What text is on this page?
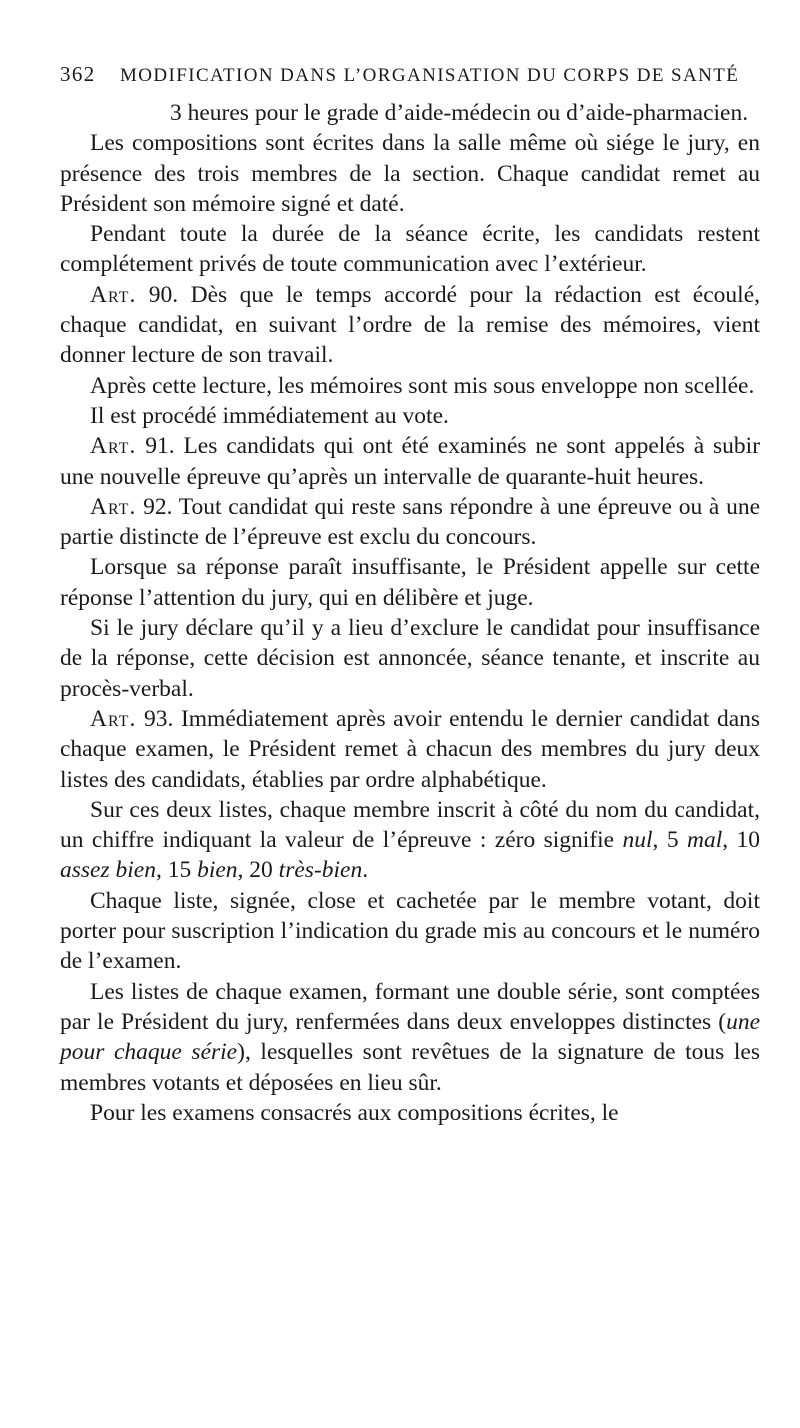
362	MODIFICATION DANS L’ORGANISATION DU CORPS DE SANTÉ

3 heures pour le grade d’aide-médecin ou d’aide-pharmacien.

Les compositions sont écrites dans la salle même où siége le jury, en présence des trois membres de la section. Chaque candidat remet au Président son mémoire signé et daté.

Pendant toute la durée de la séance écrite, les candidats restent complétement privés de toute communication avec l’extérieur.

Art. 90. Dès que le temps accordé pour la rédaction est écoulé, chaque candidat, en suivant l’ordre de la remise des mémoires, vient donner lecture de son travail.

Après cette lecture, les mémoires sont mis sous enveloppe non scellée.

Il est procédé immédiatement au vote.

Art. 91. Les candidats qui ont été examinés ne sont appelés à subir une nouvelle épreuve qu’après un intervalle de quarante-huit heures.

Art. 92. Tout candidat qui reste sans répondre à une épreuve ou à une partie distincte de l’épreuve est exclu du concours.

Lorsque sa réponse paraît insuffisante, le Président appelle sur cette réponse l’attention du jury, qui en délibère et juge.

Si le jury déclare qu’il y a lieu d’exclure le candidat pour insuffisance de la réponse, cette décision est annoncée, séance tenante, et inscrite au procès-verbal.

Art. 93. Immédiatement après avoir entendu le dernier candidat dans chaque examen, le Président remet à chacun des membres du jury deux listes des candidats, établies par ordre alphabétique.

Sur ces deux listes, chaque membre inscrit à côté du nom du candidat, un chiffre indiquant la valeur de l’épreuve : zéro signifie nul, 5 mal, 10 assez bien, 15 bien, 20 très-bien.

Chaque liste, signée, close et cachetée par le membre votant, doit porter pour suscription l’indication du grade mis au concours et le numéro de l’examen.

Les listes de chaque examen, formant une double série, sont comptées par le Président du jury, renfermées dans deux enveloppes distinctes (une pour chaque série), lesquelles sont revêtues de la signature de tous les membres votants et déposées en lieu sûr.

Pour les examens consacrés aux compositions écrites, le
